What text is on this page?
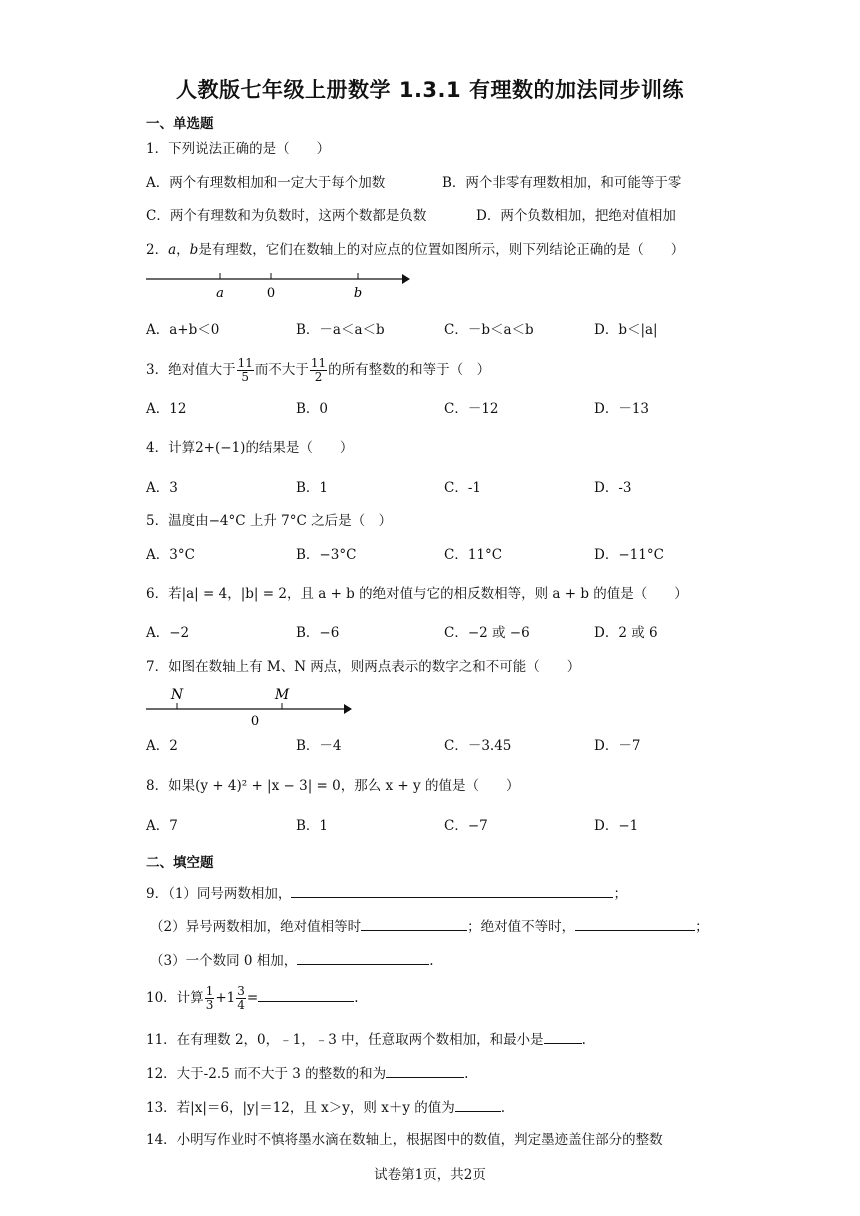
人教版七年级上册数学 1.3.1 有理数的加法同步训练
一、单选题
1．下列说法正确的是（　　）
A．两个有理数相加和一定大于每个加数	B．两个非零有理数相加，和可能等于零
C．两个有理数和为负数时，这两个数都是负数	D．两个负数相加，把绝对值相加
2．a，b是有理数，它们在数轴上的对应点的位置如图所示，则下列结论正确的是（　　）
a	0	b
A．a+b＜0	B．－a＜a＜b	C．－b＜a＜b	D．b＜|a|
3．绝对值大于 $\frac{11}{5}$ 而不大于 $\frac{11}{2}$ 的所有整数的和等于（　）
A．12	B．0	C．－12	D．－13
4．计算2+(−1)的结果是（　　）
A．3	B．1	C．-1	D．-3
5．温度由−4°C 上升 7°C 之后是（　）
A．3°C	B．−3°C	C．11°C	D．−11°C
6．若|a| = 4，|b| = 2，且 a + b 的绝对值与它的相反数相等，则 a + b 的值是（　　）
A．−2	B．−6	C．−2 或 −6	D．2 或 6
7．如图在数轴上有 M、N 两点，则两点表示的数字之和不可能（　　）
N	M
0
A．2	B．－4	C．－3.45	D．－7
8．如果(y + 4)² + |x − 3| = 0，那么 x + y 的值是（　　）
A．7	B．1	C．−7	D．−1
二、填空题
9．（1）同号两数相加，	；
（2）异号两数相加，绝对值相等时	；绝对值不等时，	；
（3）一个数同 0 相加，	.
10．计算 $\frac{1}{3} +1 \frac{3}{4}$ =	.
11．在有理数 2，0，﹣1，﹣3 中，任意取两个数相加，和最小是	.
12．大于-2.5 而不大于 3 的整数的和为	.
13．若|x|＝6，|y|＝12，且 x＞y，则 x＋y 的值为	.
14．小明写作业时不慎将墨水滴在数轴上，根据图中的数值，判定墨迹盖住部分的整数
试卷第1页，共2页
